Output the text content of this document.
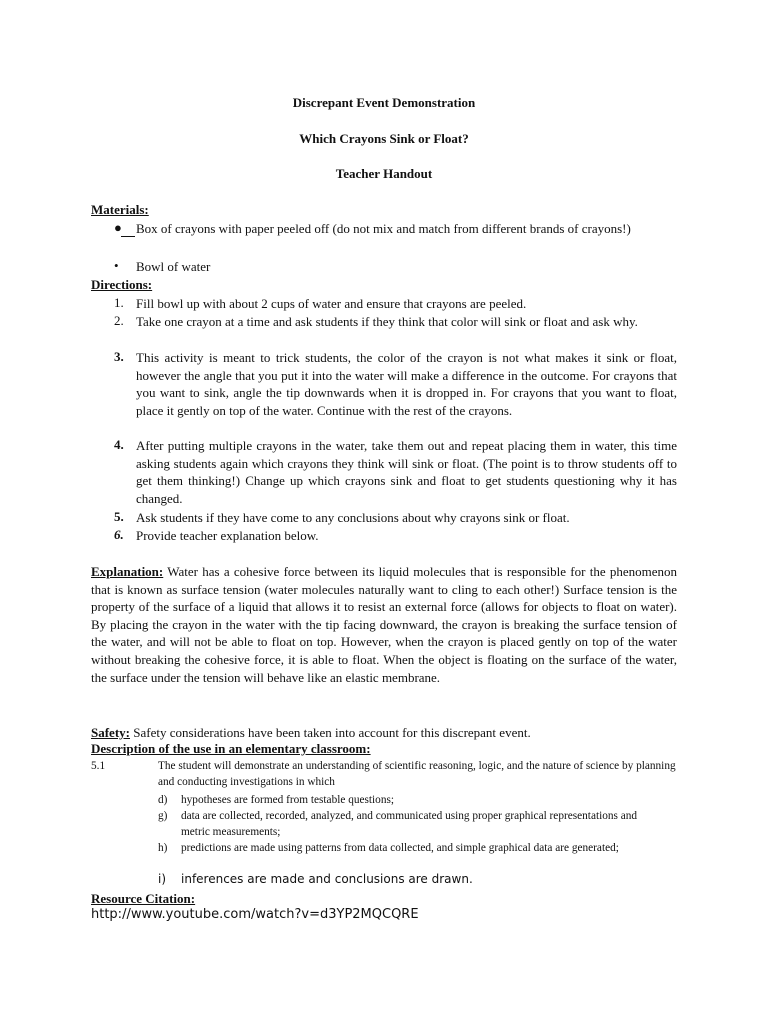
Discrepant Event Demonstration
Which Crayons Sink or Float?
Teacher Handout
Materials:
● Box of crayons with paper peeled off (do not mix and match from different brands of crayons!)
• Bowl of water
Directions:
1. Fill bowl up with about 2 cups of water and ensure that crayons are peeled.
2. Take one crayon at a time and ask students if they think that color will sink or float and ask why.
3. This activity is meant to trick students, the color of the crayon is not what makes it sink or float, however the angle that you put it into the water will make a difference in the outcome. For crayons that you want to sink, angle the tip downwards when it is dropped in. For crayons that you want to float, place it gently on top of the water. Continue with the rest of the crayons.
4. After putting multiple crayons in the water, take them out and repeat placing them in water, this time asking students again which crayons they think will sink or float. (The point is to throw students off to get them thinking!) Change up which crayons sink and float to get students questioning why it has changed.
5. Ask students if they have come to any conclusions about why crayons sink or float.
6. Provide teacher explanation below.
Explanation: Water has a cohesive force between its liquid molecules that is responsible for the phenomenon that is known as surface tension (water molecules naturally want to cling to each other!) Surface tension is the property of the surface of a liquid that allows it to resist an external force (allows for objects to float on water). By placing the crayon in the water with the tip facing downward, the crayon is breaking the surface tension of the water, and will not be able to float on top. However, when the crayon is placed gently on top of the water without breaking the cohesive force, it is able to float. When the object is floating on the surface of the water, the surface under the tension will behave like an elastic membrane.
Safety: Safety considerations have been taken into account for this discrepant event.
Description of the use in an elementary classroom:
5.1	The student will demonstrate an understanding of scientific reasoning, logic, and the nature of science by planning and conducting investigations in which
d) hypotheses are formed from testable questions;
g) data are collected, recorded, analyzed, and communicated using proper graphical representations and metric measurements;
h) predictions are made using patterns from data collected, and simple graphical data are generated;
i) inferences are made and conclusions are drawn.
Resource Citation:
http://www.youtube.com/watch?v=d3YP2MQCQRE
